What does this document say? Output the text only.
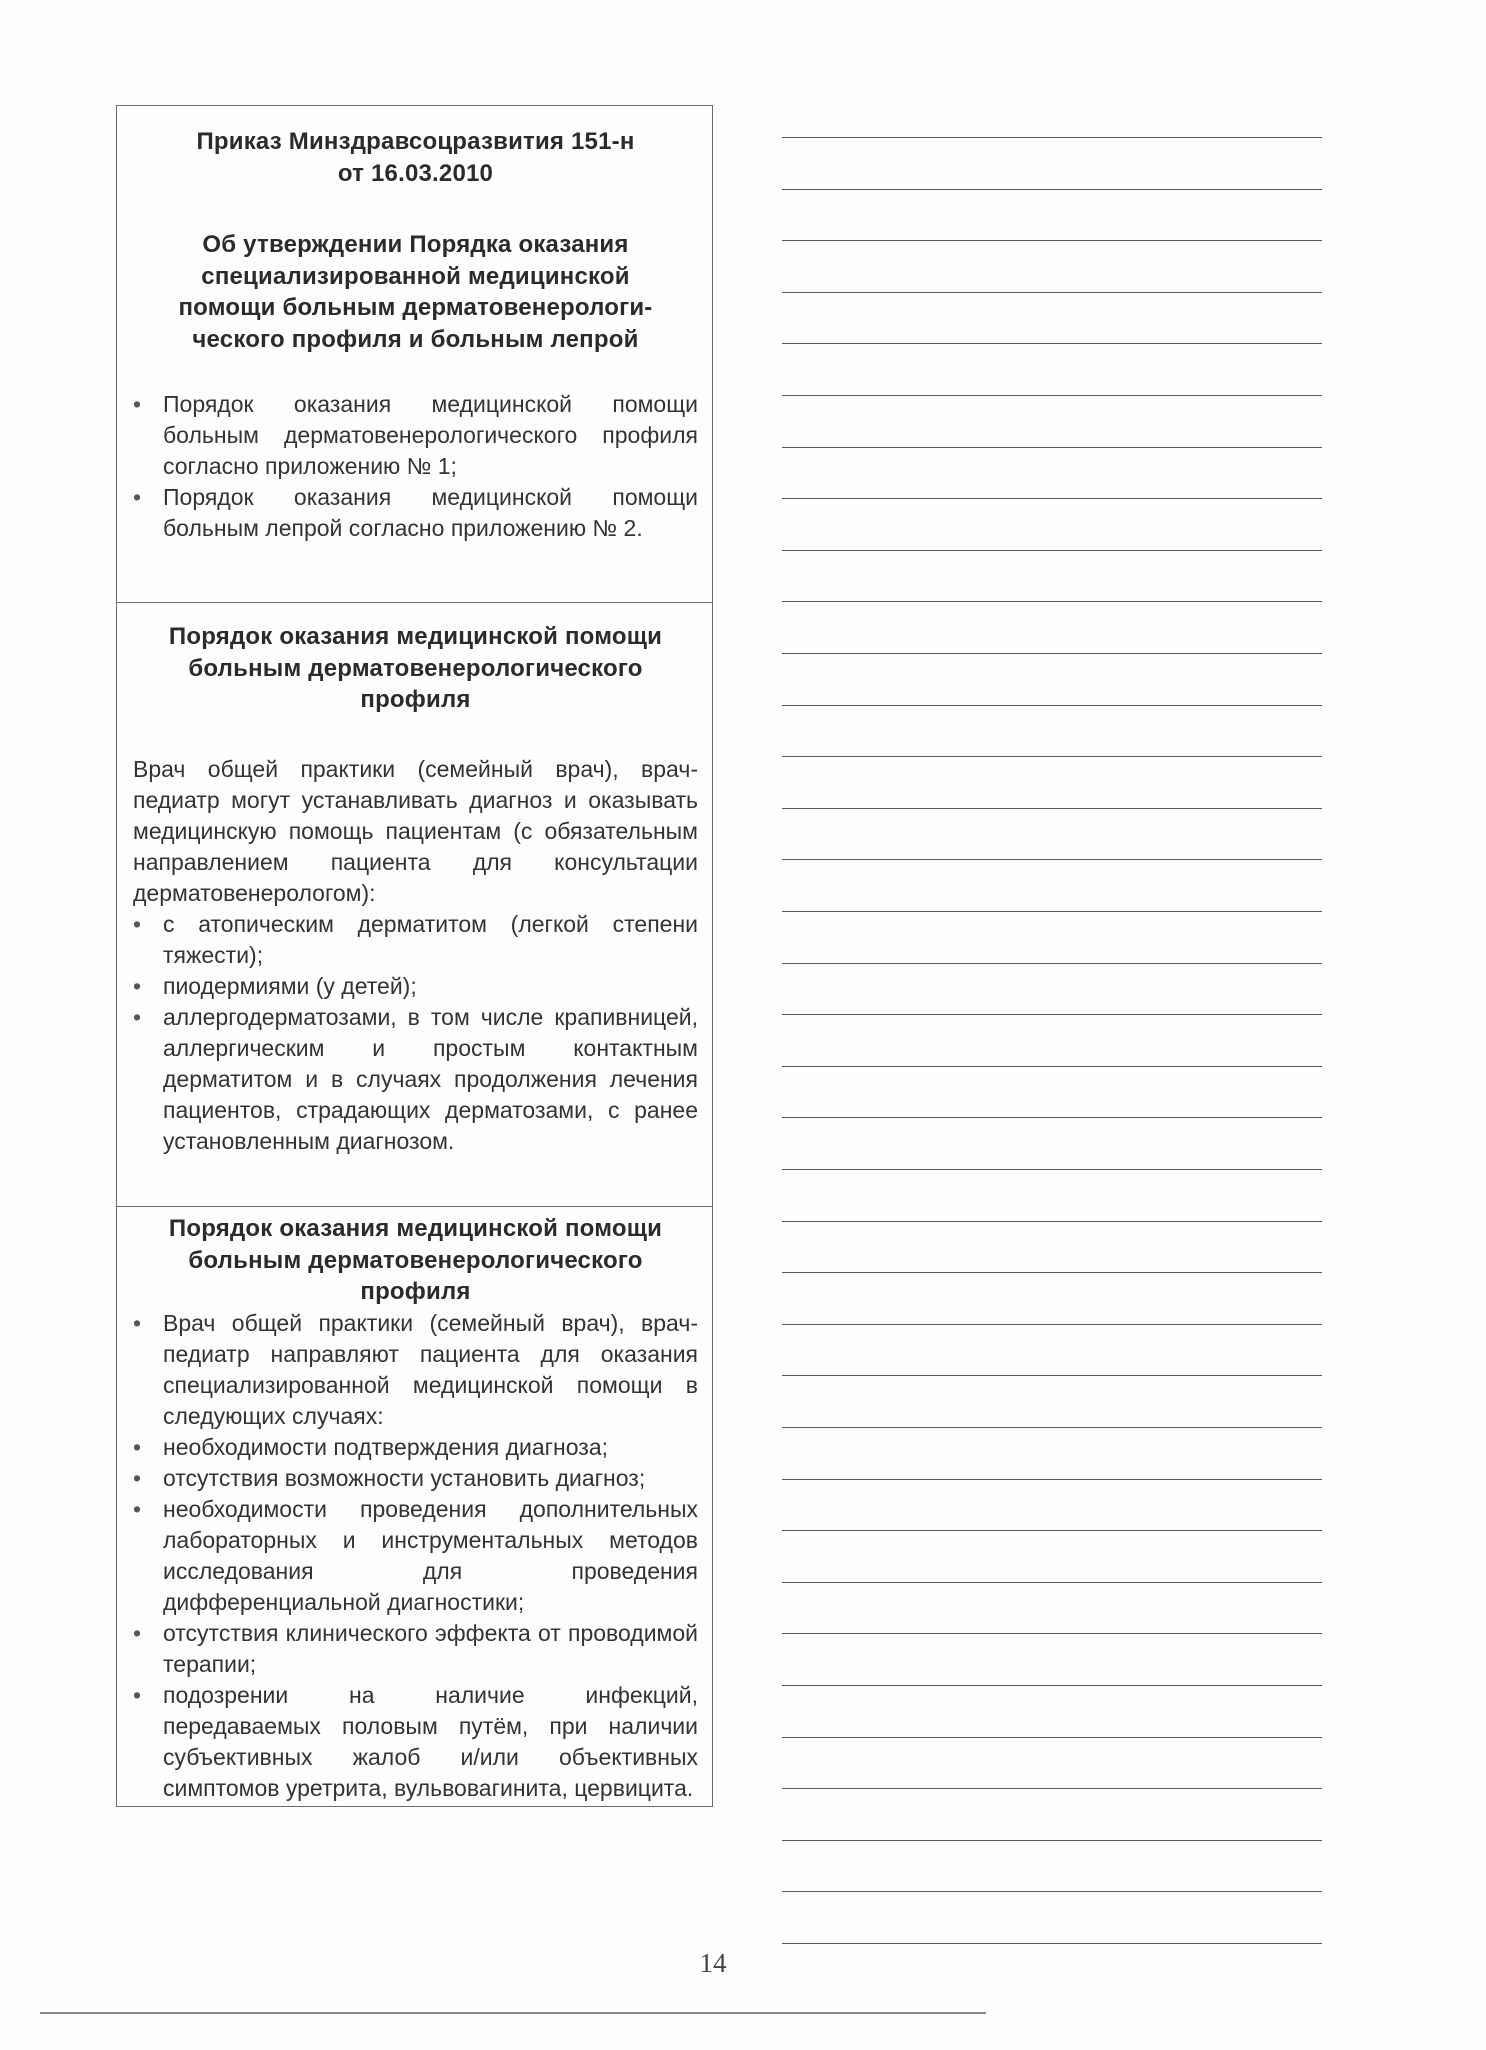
Приказ Минздравсоцразвития 151-н
от 16.03.2010
Об утверждении Порядка оказания
специализированной медицинской
помощи больным дерматовенерологи-
ческого профиля и больным лепрой
• Порядок оказания медицинской помощи больным дерматовенерологического профиля согласно приложению № 1;
• Порядок оказания медицинской помощи больным лепрой согласно приложению № 2.
Порядок оказания медицинской помощи
больным дерматовенерологического
профиля
Врач общей практики (семейный врач), врач-педиатр могут устанавливать диагноз и оказывать медицинскую помощь пациентам (с обязательным направлением пациента для консультации дерматовенерологом):
• с атопическим дерматитом (легкой степени тяжести);
• пиодермиями (у детей);
• аллергодерматозами, в том числе крапивницей, аллергическим и простым контактным дерматитом и в случаях продолжения лечения пациентов, страдающих дерматозами, с ранее установленным диагнозом.
Порядок оказания медицинской помощи
больным дерматовенерологического
профиля
• Врач общей практики (семейный врач), врач-педиатр направляют пациента для оказания специализированной медицинской помощи в следующих случаях:
• необходимости подтверждения диагноза;
• отсутствия возможности установить диагноз;
• необходимости проведения дополнительных лабораторных и инструментальных методов исследования для проведения дифференциальной диагностики;
• отсутствия клинического эффекта от проводимой терапии;
• подозрении на наличие инфекций, передаваемых половым путём, при наличии субъективных жалоб и/или объективных симптомов уретрита, вульвовагинита, цервицита.
14
